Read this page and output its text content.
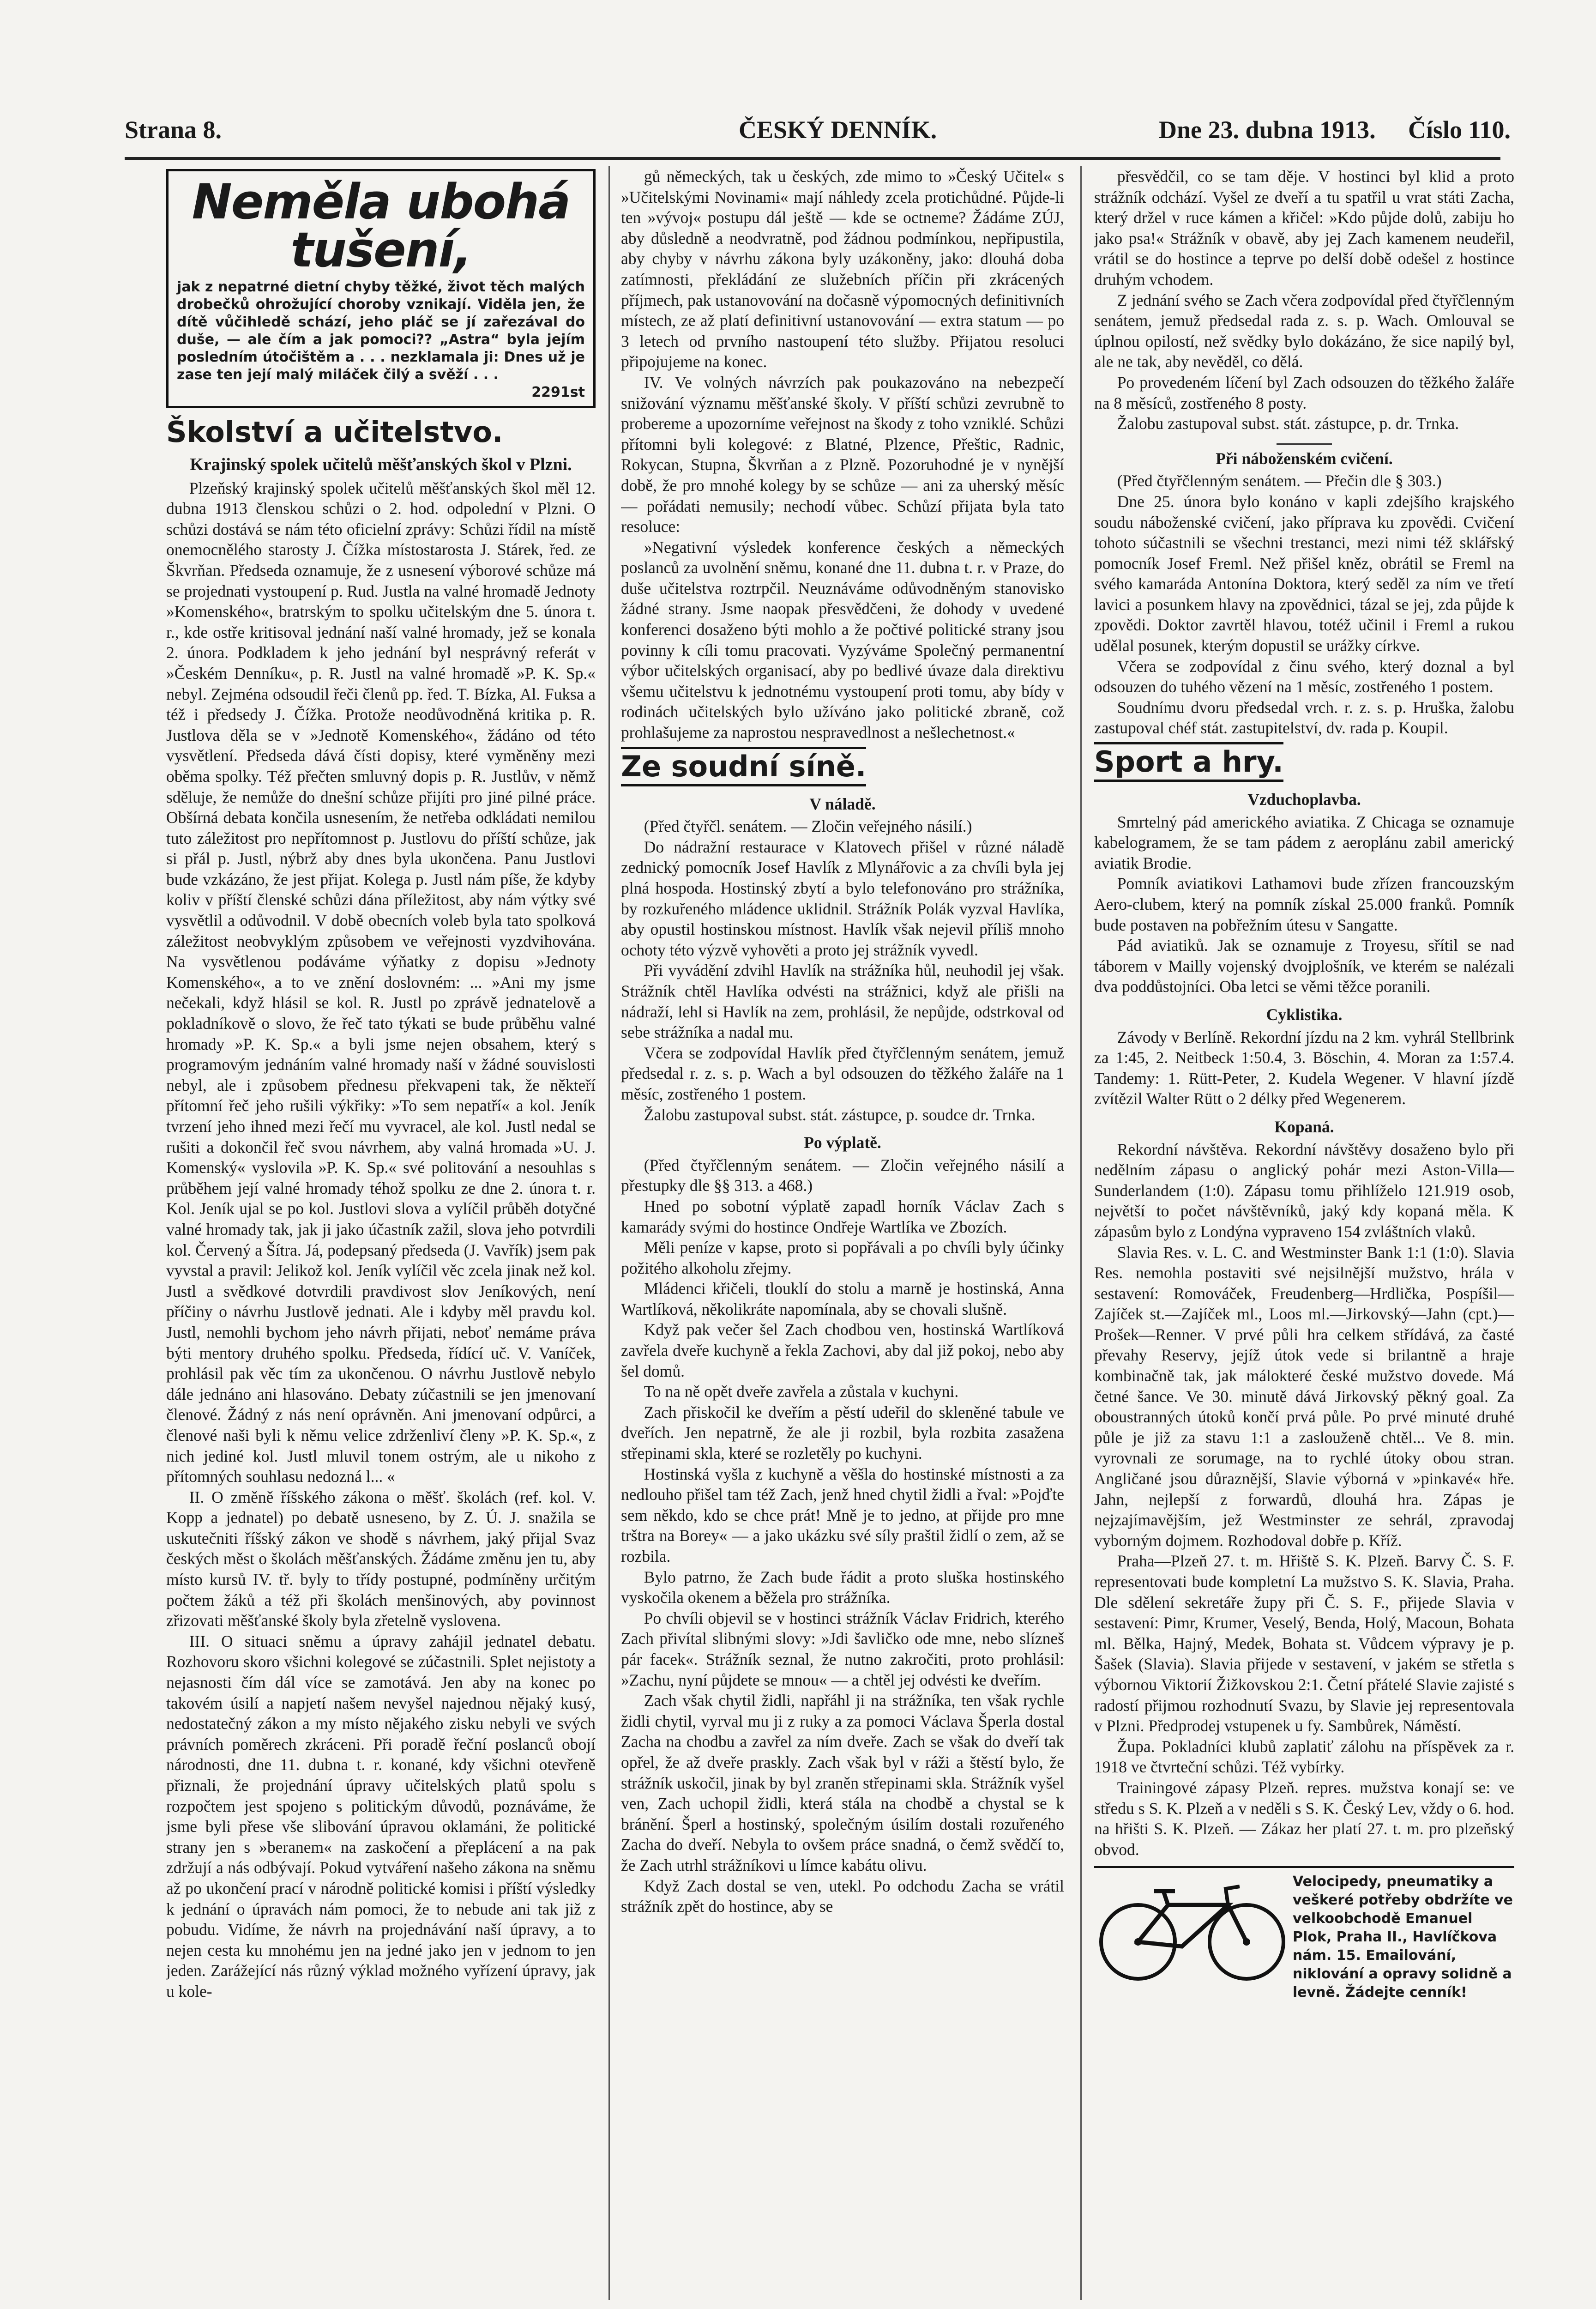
Strana 8.	ČESKÝ DENNÍK.	Dne 23. dubna 1913. Číslo 110.

Neměla ubohá tušení,

jak z nepatrné dietní chyby těžké, život těch malých drobečků ohrožující choroby vznikají. Viděla jen, že dítě vůčihledě schází, jeho pláč se jí zařezával do duše, — ale čím a jak pomoci?? „Astra“ byla jejím posledním útočištěm a . . . nezklamala ji: Dnes už je zase ten její malý miláček čilý a svěží . . .

2291st

Školství a učitelstvo.

Krajinský spolek učitelů měšťanských škol v Plzni.

Plzeňský krajinský spolek učitelů měšťanských škol měl 12. dubna 1913 členskou schůzi o 2. hod. odpolední v Plzni. O schůzi dostává se nám této oficielní zprávy: Schůzi řídil na místě onemocnělého starosty J. Čížka místostarosta J. Stárek, řed. ze Škvrňan. Předseda oznamuje, že z usnesení výborové schůze má se projednati vystoupení p. Rud. Justla na valné hromadě Jednoty »Komenského«, bratrským to spolku učitelským dne 5. února t. r., kde ostře kritisoval jednání naší valné hromady, jež se konala 2. února. Podkladem k jeho jednání byl nesprávný referát v »Českém Denníku«, p. R. Justl na valné hromadě »P. K. Sp.« nebyl. Zejména odsoudil řeči členů pp. řed. T. Bízka, Al. Fuksa a též i předsedy J. Čížka. Protože neodůvodněná kritika p. R. Justlova děla se v »Jednotě Komenského«, žádáno od této vysvětlení. Předseda dává čísti dopisy, které vyměněny mezi oběma spolky. Též přečten smluvný dopis p. R. Justlův, v němž sděluje, že nemůže do dnešní schůze přijíti pro jiné pilné práce. Obšírná debata končila usnesením, že netřeba odkládati nemilou tuto záležitost pro nepřítomnost p. Justlovu do příští schůze, jak si přál p. Justl, nýbrž aby dnes byla ukončena. Panu Justlovi bude vzkázáno, že jest přijat. Kolega p. Justl nám píše, že kdyby koliv v příští členské schůzi dána příležitost, aby nám výtky své vysvětlil a odůvodnil. V době obecních voleb byla tato spolková záležitost neobvyklým způsobem ve veřejnosti vyzdvihována. Na vysvětlenou podáváme výňatky z dopisu »Jednoty Komenského«, a to ve znění doslovném: ... »Ani my jsme nečekali, když hlásil se kol. R. Justl po zprávě jednatelově a pokladníkově o slovo, že řeč tato týkati se bude průběhu valné hromady »P. K. Sp.« a byli jsme nejen obsahem, který s programovým jednáním valné hromady naší v žádné souvislosti nebyl, ale i způsobem přednesu překvapeni tak, že někteří přítomní řeč jeho rušili výkřiky: »To sem nepatří« a kol. Jeník tvrzení jeho ihned mezi řečí mu vyvracel, ale kol. Justl nedal se rušiti a dokončil řeč svou návrhem, aby valná hromada »U. J. Komenský« vyslovila »P. K. Sp.« své politování a nesouhlas s průběhem její valné hromady téhož spolku ze dne 2. února t. r. Kol. Jeník ujal se po kol. Justlovi slova a vylíčil průběh dotyčné valné hromady tak, jak ji jako účastník zažil, slova jeho potvrdili kol. Červený a Šítra. Já, podepsaný předseda (J. Vavřík) jsem pak vyvstal a pravil: Jelikož kol. Jeník vylíčil věc zcela jinak než kol. Justl a svědkové dotvrdili pravdivost slov Jeníkových, není příčiny o návrhu Justlově jednati. Ale i kdyby měl pravdu kol. Justl, nemohli bychom jeho návrh přijati, neboť nemáme práva býti mentory druhého spolku. Předseda, řídící uč. V. Vaníček, prohlásil pak věc tím za ukončenou. O návrhu Justlově nebylo dále jednáno ani hlasováno. Debaty zúčastnili se jen jmenovaní členové. Žádný z nás není oprávněn. Ani jmenovaní odpůrci, a členové naši byli k němu velice zdrženliví členy »P. K. Sp.«, z nich jediné kol. Justl mluvil tonem ostrým, ale u nikoho z přítomných souhlasu nedozná l... «

II. O změně říšského zákona o měšť. školách (ref. kol. V. Kopp a jednatel) po debatě usneseno, by Z. Ú. J. snažila se uskutečniti říšský zákon ve shodě s návrhem, jaký přijal Svaz českých měst o školách měšťanských. Žádáme změnu jen tu, aby místo kursů IV. tř. byly to třídy postupné, podmíněny určitým počtem žáků a též při školách menšinových, aby povinnost zřizovati měšťanské školy byla zřetelně vyslovena.

III. O situaci sněmu a úpravy zahájil jednatel debatu. Rozhovoru skoro všichni kolegové se zúčastnili. Splet nejistoty a nejasnosti čím dál více se zamotává. Jen aby na konec po takovém úsilí a napjetí našem nevyšel najednou nějaký kusý, nedostatečný zákon a my místo nějakého zisku nebyli ve svých právních poměrech zkráceni. Při poradě řeční poslanců obojí národnosti, dne 11. dubna t. r. konané, kdy všichni otevřeně přiznali, že projednání úpravy učitelských platů spolu s rozpočtem jest spojeno s politickým důvodů, poznáváme, že jsme byli přese vše slibování úpravou oklamáni, že politické strany jen s »beranem« na zaskočení a přeplácení a na pak zdržují a nás odbývají. Pokud vytváření našeho zákona na sněmu až po ukončení prací v národně politické komisi i příští výsledky k jednání o úpravách nám pomoci, že to nebude ani tak již z pobudu. Vidíme, že návrh na projednávání naší úpravy, a to nejen cesta ku mnohému jen na jedné jako jen v jednom to jen jeden. Zarážející nás různý výklad možného vyřízení úpravy, jak u kole-

gů německých, tak u českých, zde mimo to »Český Učitel« s »Učitelskými Novinami« mají náhledy zcela protichůdné. Půjde-li ten »vývoj« postupu dál ještě — kde se octneme? Žádáme ZÚJ, aby důsledně a neodvratně, pod žádnou podmínkou, nepřipustila, aby chyby v návrhu zákona byly uzákoněny, jako: dlouhá doba zatímnosti, překládání ze služebních příčin při zkrácených příjmech, pak ustanovování na dočasně výpomocných definitivních místech, ze až platí definitivní ustanovování — extra statum — po 3 letech od prvního nastoupení této služby. Přijatou resoluci připojujeme na konec.

IV. Ve volných návrzích pak poukazováno na nebezpečí snižování významu měšťanské školy. V příští schůzi zevrubně to probereme a upozorníme veřejnost na škody z toho vzniklé. Schůzi přítomni byli kolegové: z Blatné, Plzence, Přeštic, Radnic, Rokycan, Stupna, Škvrňan a z Plzně. Pozoruhodné je v nynější době, že pro mnohé kolegy by se schůze — ani za uherský měsíc — pořádati nemusily; nechodí vůbec. Schůzí přijata byla tato resoluce:

»Negativní výsledek konference českých a německých poslanců za uvolnění sněmu, konané dne 11. dubna t. r. v Praze, do duše učitelstva roztrpčil. Neuznáváme odůvodněným stanovisko žádné strany. Jsme naopak přesvědčeni, že dohody v uvedené konferenci dosaženo býti mohlo a že počtivé politické strany jsou povinny k cíli tomu pracovati. Vyzýváme Společný permanentní výbor učitelských organisací, aby po bedlivé úvaze dala direktivu všemu učitelstvu k jednotnému vystoupení proti tomu, aby bídy v rodinách učitelských bylo užíváno jako politické zbraně, což prohlašujeme za naprostou nespravedlnost a nešlechetnost.«

Ze soudní síně.

V náladě.

(Před čtyřčl. senátem. — Zločin veřejného násilí.)

Do nádražní restaurace v Klatovech přišel v různé náladě zednický pomocník Josef Havlík z Mlynářovic a za chvíli byla jej plná hospoda. Hostinský zbytí a bylo telefonováno pro strážníka, by rozkuřeného mládence uklidnil. Strážník Polák vyzval Havlíka, aby opustil hostinskou místnost. Havlík však nejevil příliš mnoho ochoty této výzvě vyhověti a proto jej strážník vyvedl.

Při vyvádění zdvihl Havlík na strážníka hůl, neuhodil jej však. Strážník chtěl Havlíka odvésti na strážnici, když ale přišli na nádraží, lehl si Havlík na zem, prohlásil, že nepůjde, odstrkoval od sebe strážníka a nadal mu.

Včera se zodpovídal Havlík před čtyřčlenným senátem, jemuž předsedal r. z. s. p. Wach a byl odsouzen do těžkého žaláře na 1 měsíc, zostřeného 1 postem.

Žalobu zastupoval subst. stát. zástupce, p. soudce dr. Trnka.

Po výplatě.

(Před čtyřčlenným senátem. — Zločin veřejného násilí a přestupky dle §§ 313. a 468.)

Hned po sobotní výplatě zapadl horník Václav Zach s kamarády svými do hostince Ondřeje Wartlíka ve Zbozích.

Měli peníze v kapse, proto si popřávali a po chvíli byly účinky požitého alkoholu zřejmy.

Mládenci křičeli, tlouklí do stolu a marně je hostinská, Anna Wartlíková, několikráte napomínala, aby se chovali slušně.

Když pak večer šel Zach chodbou ven, hostinská Wartlíková zavřela dveře kuchyně a řekla Zachovi, aby dal již pokoj, nebo aby šel domů.

To na ně opět dveře zavřela a zůstala v kuchyni.

Zach přiskočil ke dveřím a pěstí udeřil do skleněné tabule ve dveřích. Jen nepatrně, že ale ji rozbil, byla rozbita zasažena střepinami skla, které se rozletěly po kuchyni.

Hostinská vyšla z kuchyně a věšla do hostinské místnosti a za nedlouho přišel tam též Zach, jenž hned chytil židli a řval: »Pojďte sem někdo, kdo se chce prát! Mně je to jedno, at přijde pro mne trštra na Borey« — a jako ukázku své síly praštil židlí o zem, až se rozbila.

Bylo patrno, že Zach bude řádit a proto sluška hostinského vyskočila okenem a běžela pro strážníka.

Po chvíli objevil se v hostinci strážník Václav Fridrich, kterého Zach přivítal slibnými slovy: »Jdi šavličko ode mne, nebo slízneš pár facek«. Strážník seznal, že nutno zakročiti, proto prohlásil: »Zachu, nyní půjdete se mnou« — a chtěl jej odvésti ke dveřím.

Zach však chytil židli, napřáhl ji na strážníka, ten však rychle židli chytil, vyrval mu ji z ruky a za pomoci Václava Šperla dostal Zacha na chodbu a zavřel za ním dveře. Zach se však do dveří tak opřel, že až dveře praskly. Zach však byl v ráži a štěstí bylo, že strážník uskočil, jinak by byl zraněn střepinami skla. Strážník vyšel ven, Zach uchopil židli, která stála na chodbě a chystal se k bránění. Šperl a hostinský, společným úsilím dostali rozuřeného Zacha do dveří. Nebyla to ovšem práce snadná, o čemž svědčí to, že Zach utrhl strážníkovi u límce kabátu olivu.

Když Zach dostal se ven, utekl. Po odchodu Zacha se vrátil strážník zpět do hostince, aby se

přesvědčil, co se tam děje. V hostinci byl klid a proto strážník odchází. Vyšel ze dveří a tu spatřil u vrat státi Zacha, který držel v ruce kámen a křičel: »Kdo půjde dolů, zabiju ho jako psa!« Strážník v obavě, aby jej Zach kamenem neudeřil, vrátil se do hostince a teprve po delší době odešel z hostince druhým vchodem.

Z jednání svého se Zach včera zodpovídal před čtyřčlenným senátem, jemuž předsedal rada z. s. p. Wach. Omlouval se úplnou opilostí, než svědky bylo dokázáno, že sice napilý byl, ale ne tak, aby nevěděl, co dělá.

Po provedeném líčení byl Zach odsouzen do těžkého žaláře na 8 měsíců, zostřeného 8 posty.

Žalobu zastupoval subst. stát. zástupce, p. dr. Trnka.

Při náboženském cvičení.

(Před čtyřčlenným senátem. — Přečin dle § 303.)

Dne 25. února bylo konáno v kapli zdejšího krajského soudu náboženské cvičení, jako příprava ku zpovědi. Cvičení tohoto súčastnili se všechni trestanci, mezi nimi též sklářský pomocník Josef Freml. Než přišel kněz, obrátil se Freml na svého kamaráda Antonína Doktora, který seděl za ním ve třetí lavici a posunkem hlavy na zpovědnici, tázal se jej, zda půjde k zpovědi. Doktor zavrtěl hlavou, totéž učinil i Freml a rukou udělal posunek, kterým dopustil se urážky církve.

Včera se zodpovídal z činu svého, který doznal a byl odsouzen do tuhého vězení na 1 měsíc, zostřeného 1 postem.

Soudnímu dvoru předsedal vrch. r. z. s. p. Hruška, žalobu zastupoval chéf stát. zastupitelství, dv. rada p. Koupil.

Sport a hry.

Vzduchoplavba.

Smrtelný pád amerického aviatika. Z Chicaga se oznamuje kabelogramem, že se tam pádem z aeroplánu zabil americký aviatik Brodie.

Pomník aviatikovi Lathamovi bude zřízen francouzským Aero-clubem, který na pomník získal 25.000 franků. Pomník bude postaven na pobřežním útesu v Sangatte.

Pád aviatiků. Jak se oznamuje z Troyesu, sřítil se nad táborem v Mailly vojenský dvojplošník, ve kterém se nalézali dva poddůstojníci. Oba letci se věmi těžce poranili.

Cyklistika.

Závody v Berlíně. Rekordní jízdu na 2 km. vyhrál Stellbrink za 1:45, 2. Neitbeck 1:50.4, 3. Böschin, 4. Moran za 1:57.4. Tandemy: 1. Rütt-Peter, 2. Kudela Wegener. V hlavní jízdě zvítězil Walter Rütt o 2 délky před Wegenerem.

Kopaná.

Rekordní návštěva. Rekordní návštěvy dosaženo bylo při nedělním zápasu o anglický pohár mezi Aston-Villa—Sunderlandem (1:0). Zápasu tomu přihlíželo 121.919 osob, největší to počet návštěvníků, jaký kdy kopaná měla. K zápasům bylo z Londýna vypraveno 154 zvláštních vlaků.

Slavia Res. v. L. C. and Westminster Bank 1:1 (1:0). Slavia Res. nemohla postaviti své nejsilnější mužstvo, hrála v sestavení: Romováček, Freudenberg—Hrdlička, Pospíšil—Zajíček st.—Zajíček ml., Loos ml.—Jirkovský—Jahn (cpt.)—Prošek—Renner. V prvé půli hra celkem střídává, za časté převahy Reservy, jejíž útok vede si brilantně a hraje kombinačně tak, jak málokteré české mužstvo dovede. Má četné šance. Ve 30. minutě dává Jirkovský pěkný goal. Za oboustranných útoků končí prvá půle. Po prvé minuté druhé půle je již za stavu 1:1 a zaslouženě chtěl... Ve 8. min. vyrovnali ze sorumage, na to rychlé útoky obou stran. Angličané jsou důraznější, Slavie výborná v »pinkavé« hře. Jahn, nejlepší z forwardů, dlouhá hra. Zápas je nejzajímavějším, jež Westminster ze sehrál, zpravodaj vyborným dojmem. Rozhodoval dobře p. Kříž.

Praha—Plzeň 27. t. m. Hřiště S. K. Plzeň. Barvy Č. S. F. representovati bude kompletní La mužstvo S. K. Slavia, Praha. Dle sdělení sekretáře župy při Č. S. F., přijede Slavia v sestavení: Pimr, Krumer, Veselý, Benda, Holý, Macoun, Bohata ml. Bělka, Hajný, Medek, Bohata st. Vůdcem výpravy je p. Šašek (Slavia). Slavia přijede v sestavení, v jakém se střetla s výbornou Viktorií Žižkovskou 2:1. Četní přátelé Slavie zajisté s radostí přijmou rozhodnutí Svazu, by Slavie jej representovala v Plzni. Předprodej vstupenek u fy. Sambůrek, Náměstí.

Župa. Pokladníci klubů zaplatiť zálohu na příspěvek za r. 1918 ve čtvrteční schůzi. Též vybírky.

Trainingové zápasy Plzeň. repres. mužstva konají se: ve středu s S. K. Plzeň a v neděli s S. K. Český Lev, vždy o 6. hod. na hřišti S. K. Plzeň. — Zákaz her platí 27. t. m. pro plzeňský obvod.

Velocipedy, pneumatiky a veškeré potřeby obdržíte ve velkoobchodě Emanuel Plok, Praha II., Havlíčkova nám. 15. Emailování, niklování a opravy solidně a levně. Žádejte cenník!
